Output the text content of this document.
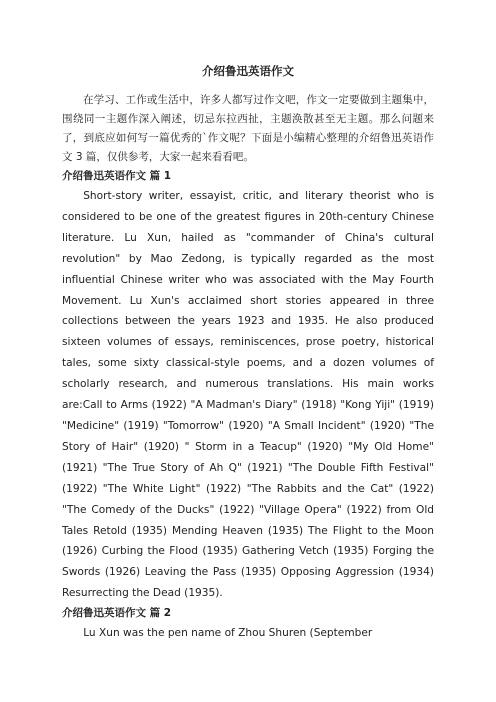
介绍鲁迅英语作文

在学习、工作或生活中，许多人都写过作文吧，作文一定要做到主题集中，围绕同一主题作深入阐述，切忌东拉西扯，主题涣散甚至无主题。那么问题来了，到底应如何写一篇优秀的`作文呢？下面是小编精心整理的介绍鲁迅英语作文 3 篇，仅供参考，大家一起来看看吧。

介绍鲁迅英语作文 篇 1

Short-story writer, essayist, critic, and literary theorist who is considered to be one of the greatest figures in 20th-century Chinese literature. Lu Xun, hailed as "commander of China's cultural revolution" by Mao Zedong, is typically regarded as the most influential Chinese writer who was associated with the May Fourth Movement. Lu Xun's acclaimed short stories appeared in three collections between the years 1923 and 1935. He also produced sixteen volumes of essays, reminiscences, prose poetry, historical tales, some sixty classical-style poems, and a dozen volumes of scholarly research, and numerous translations. His main works are:Call to Arms (1922) "A Madman's Diary" (1918) "Kong Yiji" (1919) "Medicine" (1919) "Tomorrow" (1920) "A Small Incident" (1920) "The Story of Hair" (1920) " Storm in a Teacup" (1920) "My Old Home" (1921) "The True Story of Ah Q" (1921) "The Double Fifth Festival" (1922) "The White Light" (1922) "The Rabbits and the Cat" (1922) "The Comedy of the Ducks" (1922) "Village Opera" (1922) from Old Tales Retold (1935) Mending Heaven (1935) The Flight to the Moon (1926) Curbing the Flood (1935) Gathering Vetch (1935) Forging the Swords (1926) Leaving the Pass (1935) Opposing Aggression (1934) Resurrecting the Dead (1935).

介绍鲁迅英语作文 篇 2

Lu Xun was the pen name of Zhou Shuren (September
